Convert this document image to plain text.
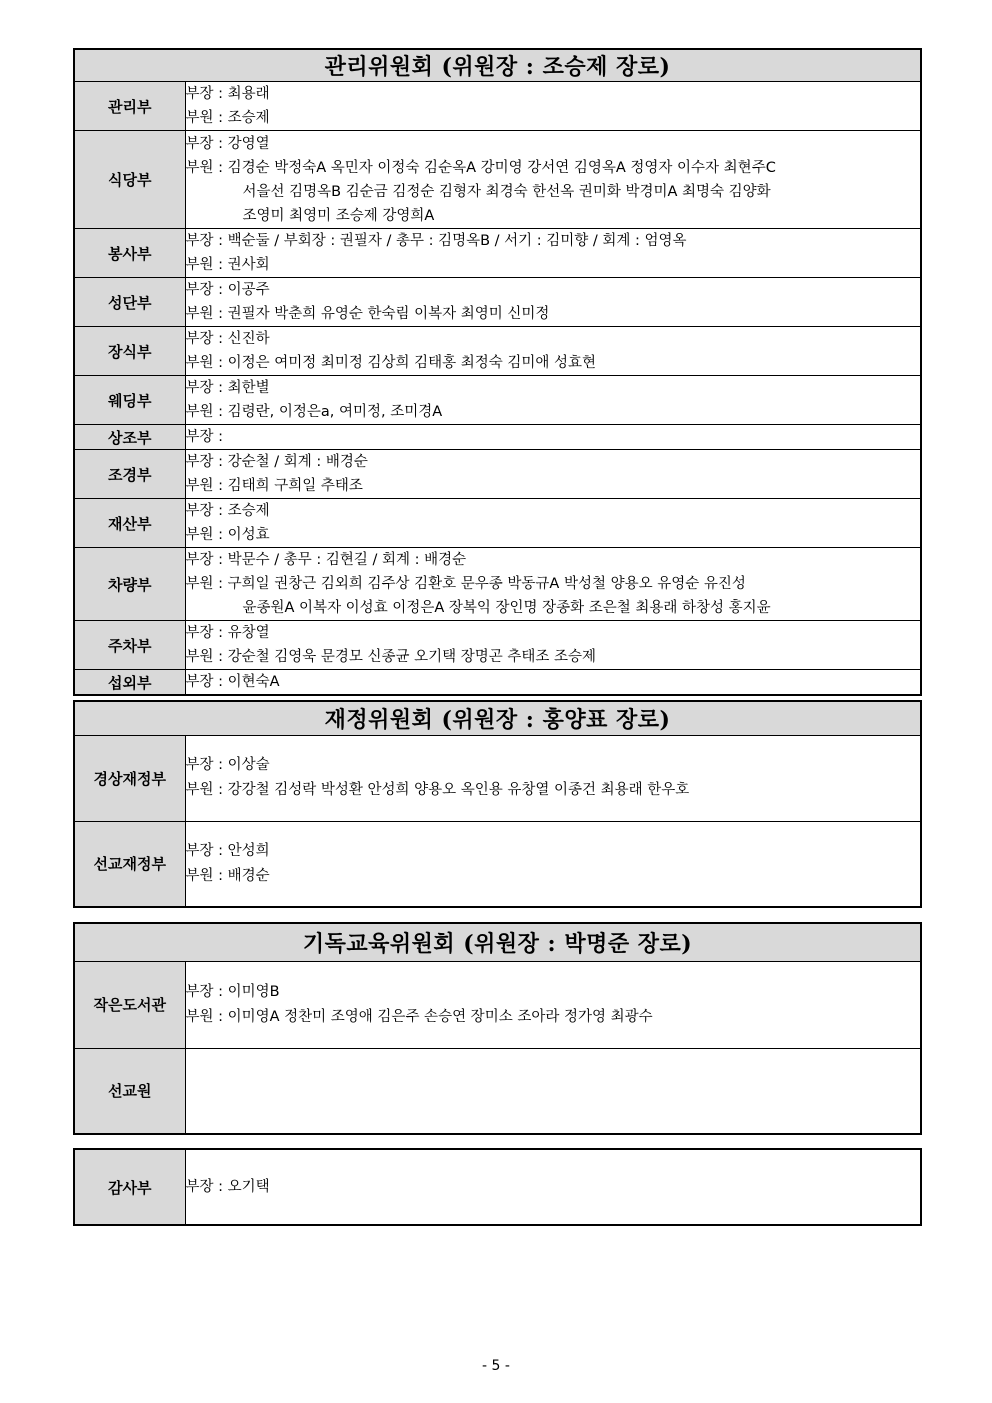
관리위원회 (위원장 : 조승제 장로)	
관리부	부장 : 최용래
부원 : 조승제

식당부	부장 : 강영열
부원 : 김경순 박정숙A 옥민자 이정숙 김순옥A 강미영 강서연 김영옥A 정영자 이수자 최현주C
서을선 김명옥B 김순금 김정순 김형자 최경숙 한선옥 권미화 박경미A 최명숙 김양화
조영미 최영미 조승제 강영희A

봉사부	부장 : 백순둘 / 부회장 : 권필자 / 총무 : 김명옥B / 서기 : 김미향 / 회계 : 엄영옥
부원 : 권사회

성단부	부장 : 이공주
부원 : 권필자 박춘희 유영순 한숙림 이복자 최영미 신미정

장식부	부장 : 신진하
부원 : 이정은 여미정 최미정 김상희 김태홍 최정숙 김미애 성효현

웨딩부	부장 : 최한별
부원 : 김령란, 이정은a, 여미정, 조미경A

상조부	부장 :

조경부	부장 : 강순철 / 회계 : 배경순
부원 : 김태희 구희일 추태조

재산부	부장 : 조승제
부원 : 이성효

차량부	부장 : 박문수 / 총무 : 김현길 / 회계 : 배경순
부원 : 구희일 권창근 김외희 김주상 김환호 문우종 박동규A 박성철 양용오 유영순 유진성
윤종원A 이복자 이성효 이정은A 장복익 장인명 장종화 조은철 최용래 하창성 홍지윤

주차부	부장 : 유창열
부원 : 강순철 김영욱 문경모 신종균 오기택 장명곤 추태조 조승제

섭외부	부장 : 이현숙A
재정위원회 (위원장 : 홍양표 장로)	
경상재정부	부장 : 이상술
부원 : 강강철 김성락 박성환 안성희 양용오 옥인용 유창열 이종건 최용래 한우호

선교재정부	부장 : 안성희
부원 : 배경순
기독교육위원회 (위원장 : 박명준 장로)	
작은도서관	부장 : 이미영B
부원 : 이미영A 정찬미 조영애 김은주 손승연 장미소 조아라 정가영 최광수

선교원	
감사부	부장 : 오기택
- 5 -
